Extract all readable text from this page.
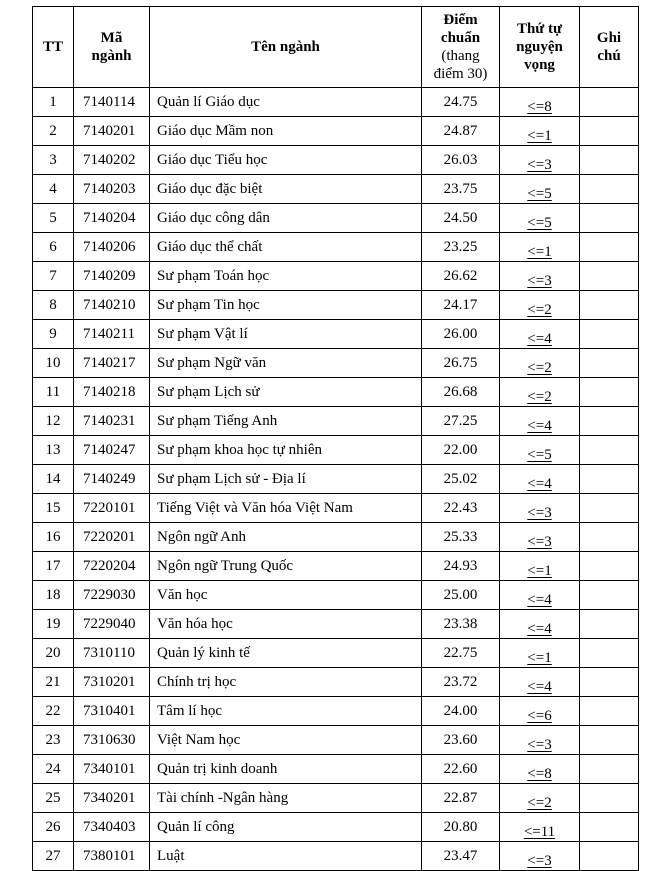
TT	Mã
ngành	Tên ngành	Điểm
chuẩn
(thang
điểm 30)	Thứ tự
nguyện
vọng	Ghi
chú
1	7140114	Quản lí Giáo dục	24.75	<=8	
2	7140201	Giáo dục Mầm non	24.87	<=1	
3	7140202	Giáo dục Tiểu học	26.03	<=3	
4	7140203	Giáo dục đặc biệt	23.75	<=5	
5	7140204	Giáo dục công dân	24.50	<=5	
6	7140206	Giáo dục thể chất	23.25	<=1	
7	7140209	Sư phạm Toán học	26.62	<=3	
8	7140210	Sư phạm Tin học	24.17	<=2	
9	7140211	Sư phạm Vật lí	26.00	<=4	
10	7140217	Sư phạm Ngữ văn	26.75	<=2	
11	7140218	Sư phạm Lịch sử	26.68	<=2	
12	7140231	Sư phạm Tiếng Anh	27.25	<=4	
13	7140247	Sư phạm khoa học tự nhiên	22.00	<=5	
14	7140249	Sư phạm Lịch sử - Địa lí	25.02	<=4	
15	7220101	Tiếng Việt và Văn hóa Việt Nam	22.43	<=3	
16	7220201	Ngôn ngữ Anh	25.33	<=3	
17	7220204	Ngôn ngữ Trung Quốc	24.93	<=1	
18	7229030	Văn học	25.00	<=4	
19	7229040	Văn hóa học	23.38	<=4	
20	7310110	Quản lý kinh tế	22.75	<=1	
21	7310201	Chính trị học	23.72	<=4	
22	7310401	Tâm lí học	24.00	<=6	
23	7310630	Việt Nam học	23.60	<=3	
24	7340101	Quản trị kinh doanh	22.60	<=8	
25	7340201	Tài chính -Ngân hàng	22.87	<=2	
26	7340403	Quản lí công	20.80	<=11	
27	7380101	Luật	23.47	<=3	
